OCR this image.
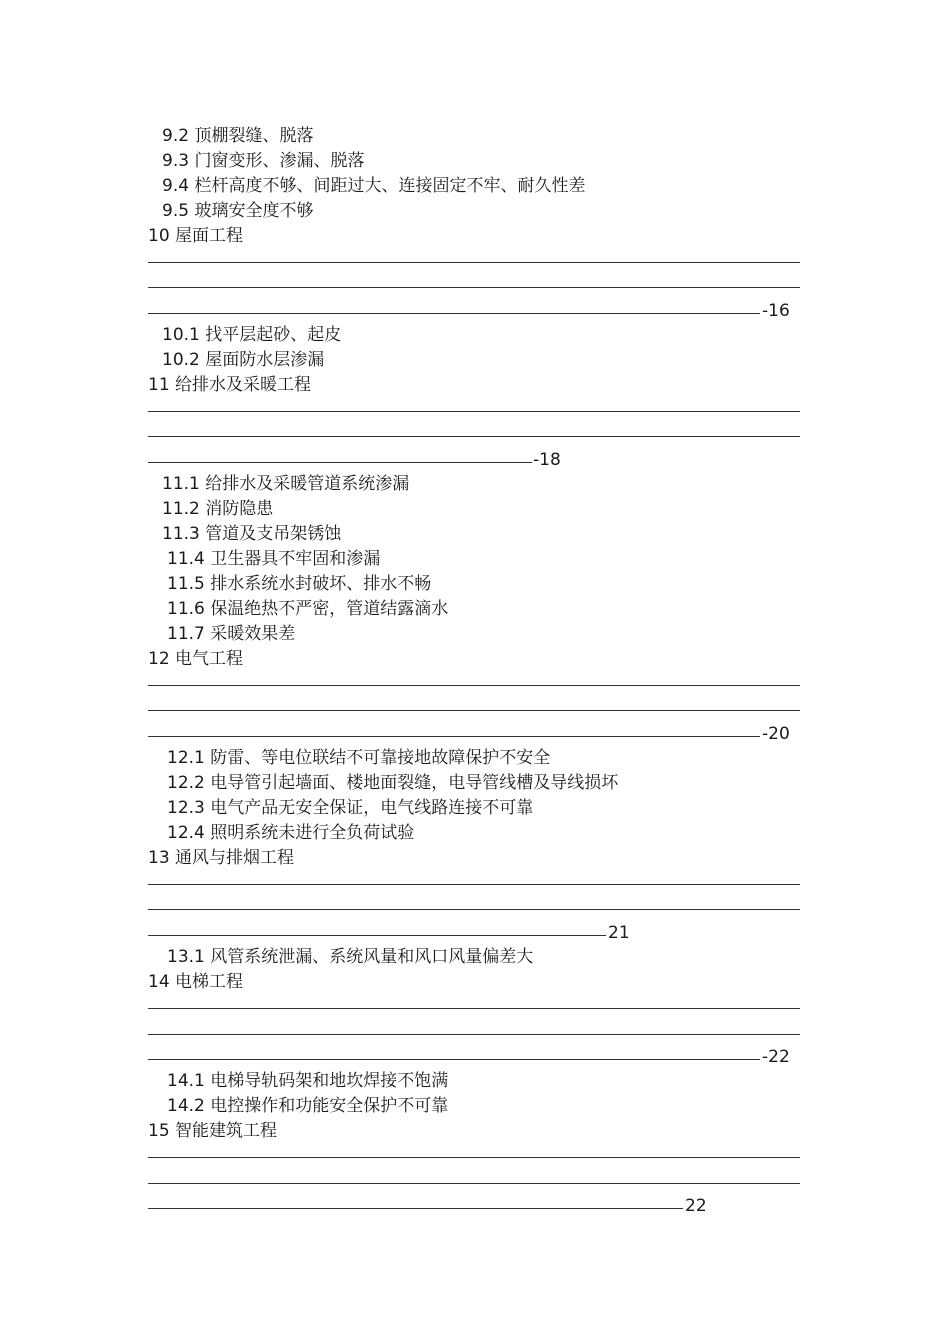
9.2 顶棚裂缝、脱落
9.3 门窗变形、渗漏、脱落
9.4 栏杆高度不够、间距过大、连接固定不牢、耐久性差
9.5 玻璃安全度不够
10 屋面工程
-16
10.1 找平层起砂、起皮
10.2 屋面防水层渗漏
11 给排水及采暖工程
-18
11.1 给排水及采暖管道系统渗漏
11.2 消防隐患
11.3 管道及支吊架锈蚀
11.4 卫生器具不牢固和渗漏
11.5 排水系统水封破坏、排水不畅
11.6 保温绝热不严密，管道结露滴水
11.7 采暖效果差
12 电气工程
-20
12.1 防雷、等电位联结不可靠接地故障保护不安全
12.2 电导管引起墙面、楼地面裂缝，电导管线槽及导线损坏
12.3 电气产品无安全保证，电气线路连接不可靠
12.4 照明系统未进行全负荷试验
13 通风与排烟工程
21
13.1 风管系统泄漏、系统风量和风口风量偏差大
14 电梯工程
-22
14.1 电梯导轨码架和地坎焊接不饱满
14.2 电控操作和功能安全保护不可靠
15 智能建筑工程
22
